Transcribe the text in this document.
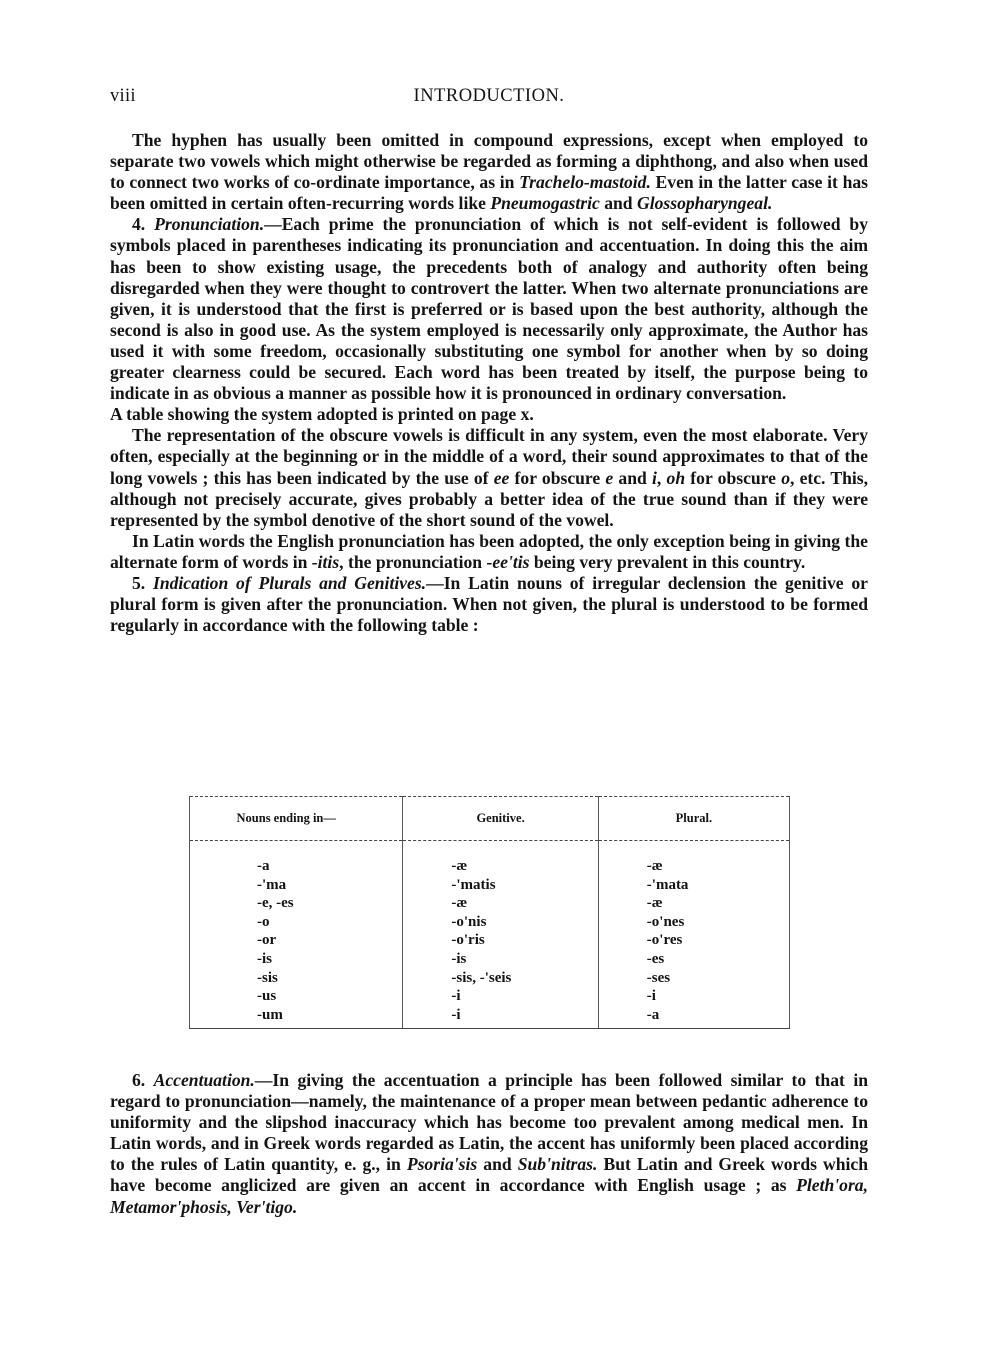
viii	INTRODUCTION.

The hyphen has usually been omitted in compound expressions, except when employed to separate two vowels which might otherwise be regarded as forming a diphthong, and also when used to connect two works of co-ordinate importance, as in Trachelo-mastoid. Even in the latter case it has been omitted in certain often-recurring words like Pneumogastric and Glossopharyngeal.

4. Pronunciation.—Each prime the pronunciation of which is not self-evident is followed by symbols placed in parentheses indicating its pronunciation and accentuation. In doing this the aim has been to show existing usage, the precedents both of analogy and authority often being disregarded when they were thought to controvert the latter. When two alternate pronunciations are given, it is understood that the first is preferred or is based upon the best authority, although the second is also in good use. As the system employed is necessarily only approximate, the Author has used it with some freedom, occasionally substituting one symbol for another when by so doing greater clearness could be secured. Each word has been treated by itself, the purpose being to indicate in as obvious a manner as possible how it is pronounced in ordinary conversation.

A table showing the system adopted is printed on page x.

The representation of the obscure vowels is difficult in any system, even the most elaborate. Very often, especially at the beginning or in the middle of a word, their sound approximates to that of the long vowels ; this has been indicated by the use of ee for obscure e and i, oh for obscure o, etc. This, although not precisely accurate, gives probably a better idea of the true sound than if they were represented by the symbol denotive of the short sound of the vowel.

In Latin words the English pronunciation has been adopted, the only exception being in giving the alternate form of words in -itis, the pronunciation -ee'tis being very prevalent in this country.

5. Indication of Plurals and Genitives.—In Latin nouns of irregular declension the genitive or plural form is given after the pronunciation. When not given, the plural is understood to be formed regularly in accordance with the following table :

Nouns ending in—	Genitive.	Plural.
-a	-æ	-æ
-'ma	-'matis	-'mata
-e, -es	-æ	-æ
-o	-o'nis	-o'nes
-or	-o'ris	-o'res
-is	-is	-es
-sis	-sis, -'seis	-ses
-us	-i	-i
-um	-i	-a

6. Accentuation.—In giving the accentuation a principle has been followed similar to that in regard to pronunciation—namely, the maintenance of a proper mean between pedantic adherence to uniformity and the slipshod inaccuracy which has become too prevalent among medical men. In Latin words, and in Greek words regarded as Latin, the accent has uniformly been placed according to the rules of Latin quantity, e. g., in Psoria'sis and Sub'nitras. But Latin and Greek words which have become anglicized are given an accent in accordance with English usage ; as Pleth'ora, Metamor'phosis, Ver'tigo.
